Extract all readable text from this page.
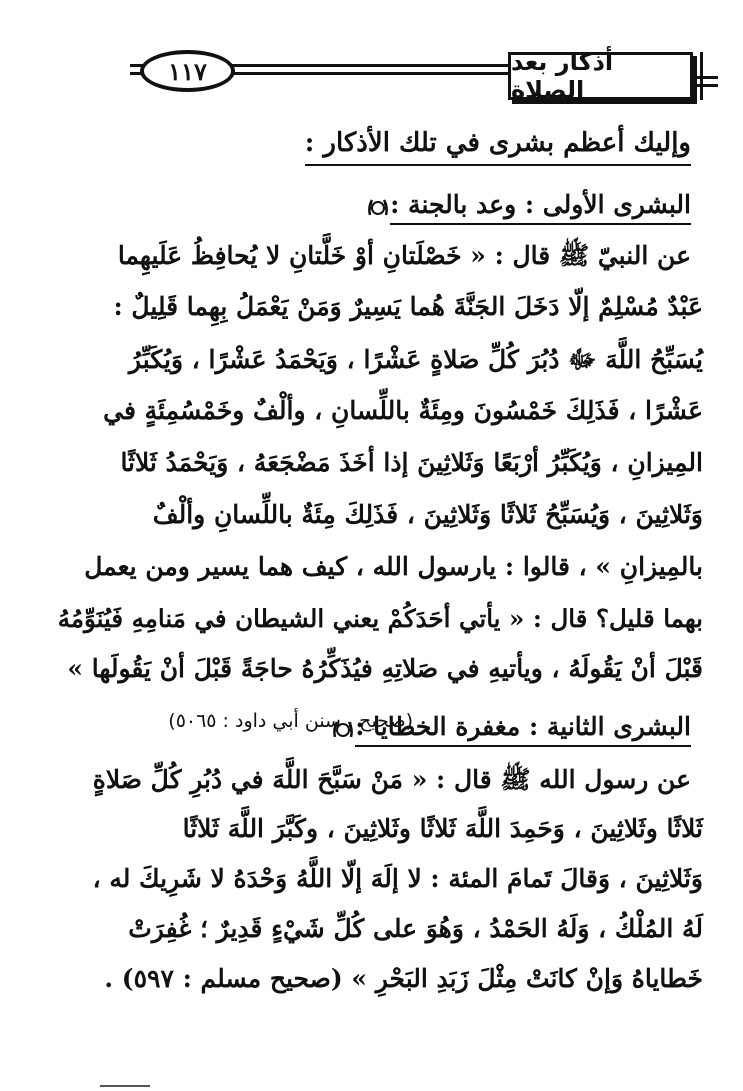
١١٧	أذكار بعد الصلاة
وإليك أعظم بشرى في تلك الأذكار :
البشرى الأولى : وعد بالجنة :
عن النبيّ ﷺ قال : « خَصْلَتانِ أوْ خَلَّتانِ لا يُحافِظُ عَلَيهِما
عَبْدٌ مُسْلِمٌ إلّا دَخَلَ الجَنَّةَ هُما يَسِيرٌ وَمَنْ يَعْمَلُ بِهِما قَلِيلٌ :
يُسَبِّحُ اللَّهَ ﷻ دُبُرَ كُلِّ صَلاةٍ عَشْرًا ، وَيَحْمَدُ عَشْرًا ، وَيُكَبِّرُ
عَشْرًا ، فَذَلِكَ خَمْسُونَ ومِئَةٌ باللِّسانِ ، وألْفٌ وخَمْسُمِئَةٍ في
المِيزانِ ، وَيُكَبِّرُ أرْبَعًا وَثَلاثِينَ إذا أخَذَ مَضْجَعَهُ ، وَيَحْمَدُ ثَلاثًا
وَثَلاثِينَ ، وَيُسَبِّحُ ثَلاثًا وَثَلاثِينَ ، فَذَلِكَ مِئَةٌ باللِّسانِ وألْفٌ
بالمِيزانِ » ، قالوا : يارسول الله ، كيف هما يسير ومن يعمل
بهما قليل؟ قال : « يأتي أحَدَكُمْ يعني الشيطان في مَنامِهِ فَيُنَوِّمُهُ
قَبْلَ أنْ يَقُولَهُ ، ويأتيهِ في صَلاتِهِ فيُذَكِّرُهُ حاجَةً قَبْلَ أنْ يَقُولَها »
(صحيح ، سنن أبي داود : ٥٠٦٥)
البشرى الثانية : مغفرة الخطايا :
عن رسول الله ﷺ قال : « مَنْ سَبَّحَ اللَّهَ في دُبُرِ كُلِّ صَلاةٍ
ثَلاثًا وثَلاثِينَ ، وَحَمِدَ اللَّهَ ثَلاثًا وثَلاثِينَ ، وكَبَّرَ اللَّهَ ثَلاثًا
وَثَلاثِينَ ، وَقالَ تَمامَ المئة : لا إلَهَ إلّا اللَّهُ وَحْدَهُ لا شَرِيكَ له ،
لَهُ المُلْكُ ، وَلَهُ الحَمْدُ ، وَهُوَ على كُلِّ شَيْءٍ قَدِيرٌ ؛ غُفِرَتْ
خَطاياهُ وَإنْ كانَتْ مِثْلَ زَبَدِ البَحْرِ » (صحيح مسلم : ٥٩٧) .
